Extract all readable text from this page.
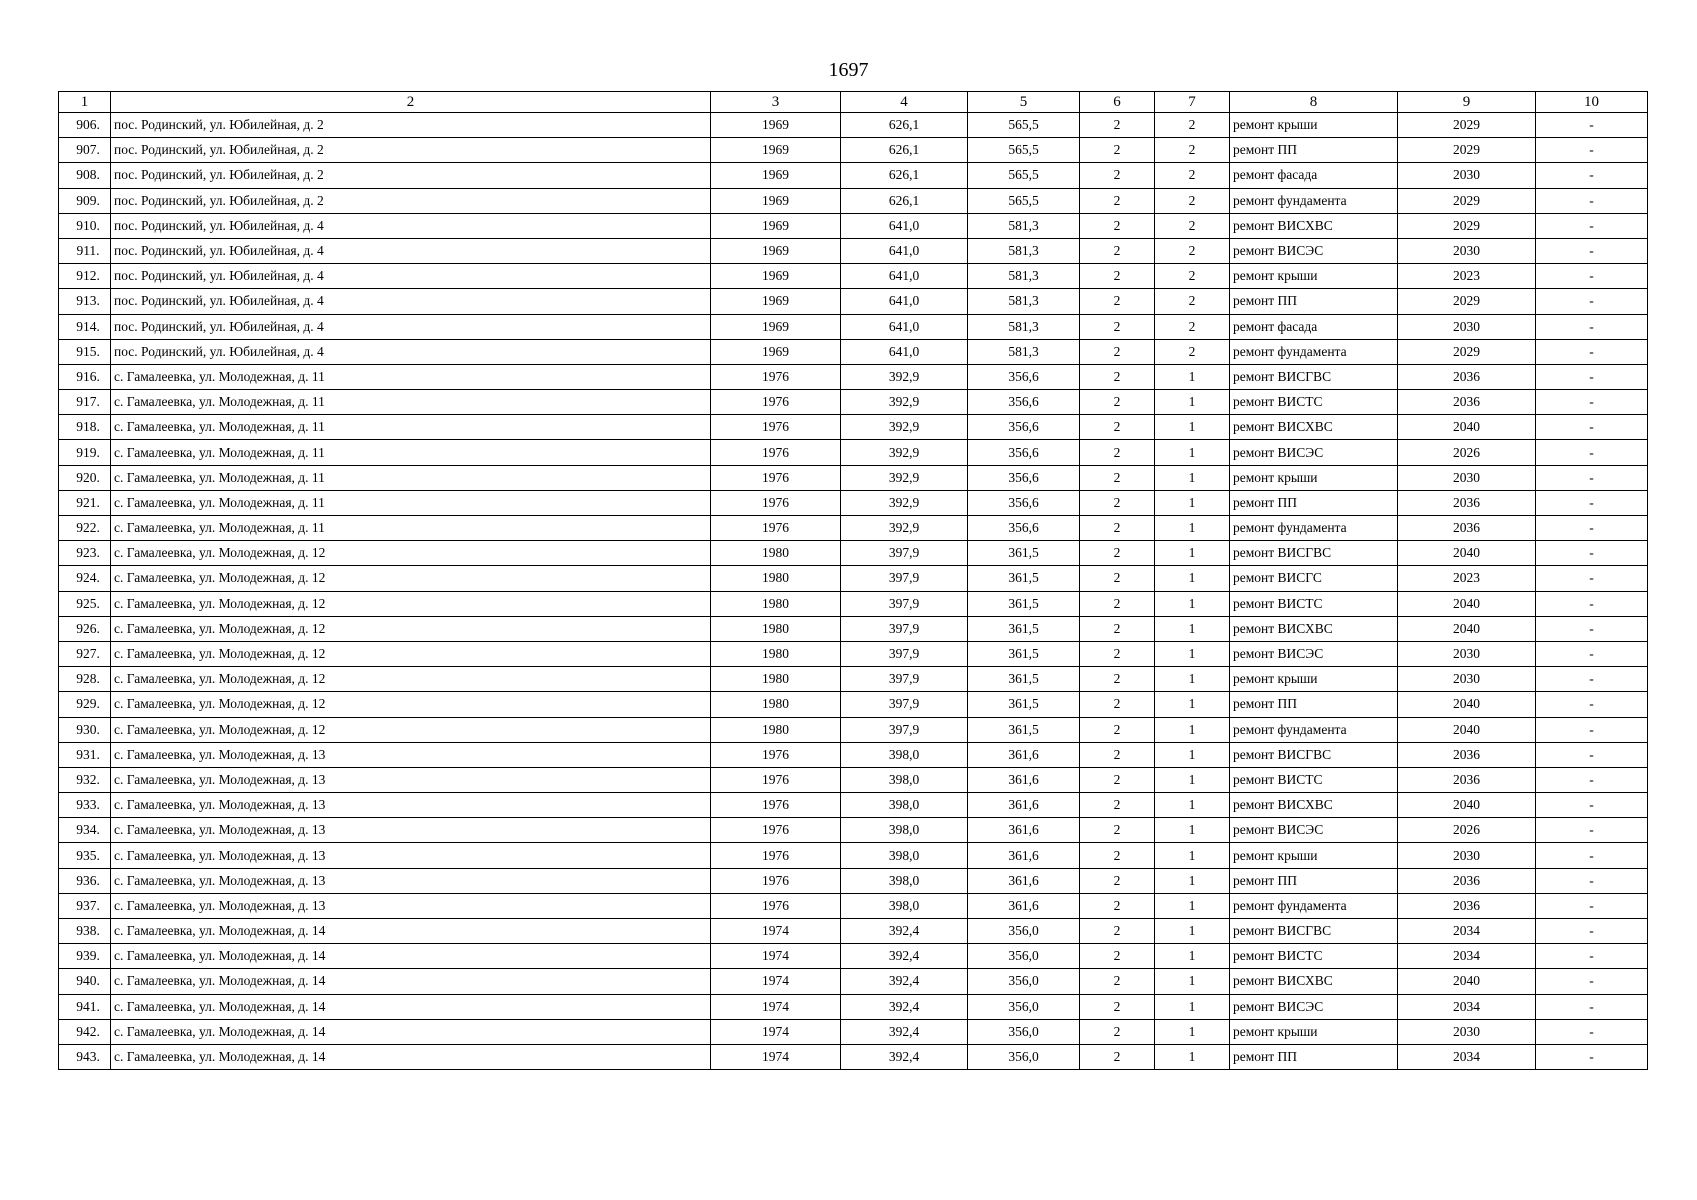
1697
1	2	3	4	5	6	7	8	9	10
906.	пос. Родинский, ул. Юбилейная, д. 2	1969	626,1	565,5	2	2	ремонт крыши	2029	-
907.	пос. Родинский, ул. Юбилейная, д. 2	1969	626,1	565,5	2	2	ремонт ПП	2029	-
908.	пос. Родинский, ул. Юбилейная, д. 2	1969	626,1	565,5	2	2	ремонт фасада	2030	-
909.	пос. Родинский, ул. Юбилейная, д. 2	1969	626,1	565,5	2	2	ремонт фундамента	2029	-
910.	пос. Родинский, ул. Юбилейная, д. 4	1969	641,0	581,3	2	2	ремонт ВИСХВС	2029	-
911.	пос. Родинский, ул. Юбилейная, д. 4	1969	641,0	581,3	2	2	ремонт ВИСЭС	2030	-
912.	пос. Родинский, ул. Юбилейная, д. 4	1969	641,0	581,3	2	2	ремонт крыши	2023	-
913.	пос. Родинский, ул. Юбилейная, д. 4	1969	641,0	581,3	2	2	ремонт ПП	2029	-
914.	пос. Родинский, ул. Юбилейная, д. 4	1969	641,0	581,3	2	2	ремонт фасада	2030	-
915.	пос. Родинский, ул. Юбилейная, д. 4	1969	641,0	581,3	2	2	ремонт фундамента	2029	-
916.	с. Гамалеевка, ул. Молодежная, д. 11	1976	392,9	356,6	2	1	ремонт ВИСГВС	2036	-
917.	с. Гамалеевка, ул. Молодежная, д. 11	1976	392,9	356,6	2	1	ремонт ВИСТС	2036	-
918.	с. Гамалеевка, ул. Молодежная, д. 11	1976	392,9	356,6	2	1	ремонт ВИСХВС	2040	-
919.	с. Гамалеевка, ул. Молодежная, д. 11	1976	392,9	356,6	2	1	ремонт ВИСЭС	2026	-
920.	с. Гамалеевка, ул. Молодежная, д. 11	1976	392,9	356,6	2	1	ремонт крыши	2030	-
921.	с. Гамалеевка, ул. Молодежная, д. 11	1976	392,9	356,6	2	1	ремонт ПП	2036	-
922.	с. Гамалеевка, ул. Молодежная, д. 11	1976	392,9	356,6	2	1	ремонт фундамента	2036	-
923.	с. Гамалеевка, ул. Молодежная, д. 12	1980	397,9	361,5	2	1	ремонт ВИСГВС	2040	-
924.	с. Гамалеевка, ул. Молодежная, д. 12	1980	397,9	361,5	2	1	ремонт ВИСГС	2023	-
925.	с. Гамалеевка, ул. Молодежная, д. 12	1980	397,9	361,5	2	1	ремонт ВИСТС	2040	-
926.	с. Гамалеевка, ул. Молодежная, д. 12	1980	397,9	361,5	2	1	ремонт ВИСХВС	2040	-
927.	с. Гамалеевка, ул. Молодежная, д. 12	1980	397,9	361,5	2	1	ремонт ВИСЭС	2030	-
928.	с. Гамалеевка, ул. Молодежная, д. 12	1980	397,9	361,5	2	1	ремонт крыши	2030	-
929.	с. Гамалеевка, ул. Молодежная, д. 12	1980	397,9	361,5	2	1	ремонт ПП	2040	-
930.	с. Гамалеевка, ул. Молодежная, д. 12	1980	397,9	361,5	2	1	ремонт фундамента	2040	-
931.	с. Гамалеевка, ул. Молодежная, д. 13	1976	398,0	361,6	2	1	ремонт ВИСГВС	2036	-
932.	с. Гамалеевка, ул. Молодежная, д. 13	1976	398,0	361,6	2	1	ремонт ВИСТС	2036	-
933.	с. Гамалеевка, ул. Молодежная, д. 13	1976	398,0	361,6	2	1	ремонт ВИСХВС	2040	-
934.	с. Гамалеевка, ул. Молодежная, д. 13	1976	398,0	361,6	2	1	ремонт ВИСЭС	2026	-
935.	с. Гамалеевка, ул. Молодежная, д. 13	1976	398,0	361,6	2	1	ремонт крыши	2030	-
936.	с. Гамалеевка, ул. Молодежная, д. 13	1976	398,0	361,6	2	1	ремонт ПП	2036	-
937.	с. Гамалеевка, ул. Молодежная, д. 13	1976	398,0	361,6	2	1	ремонт фундамента	2036	-
938.	с. Гамалеевка, ул. Молодежная, д. 14	1974	392,4	356,0	2	1	ремонт ВИСГВС	2034	-
939.	с. Гамалеевка, ул. Молодежная, д. 14	1974	392,4	356,0	2	1	ремонт ВИСТС	2034	-
940.	с. Гамалеевка, ул. Молодежная, д. 14	1974	392,4	356,0	2	1	ремонт ВИСХВС	2040	-
941.	с. Гамалеевка, ул. Молодежная, д. 14	1974	392,4	356,0	2	1	ремонт ВИСЭС	2034	-
942.	с. Гамалеевка, ул. Молодежная, д. 14	1974	392,4	356,0	2	1	ремонт крыши	2030	-
943.	с. Гамалеевка, ул. Молодежная, д. 14	1974	392,4	356,0	2	1	ремонт ПП	2034	-
